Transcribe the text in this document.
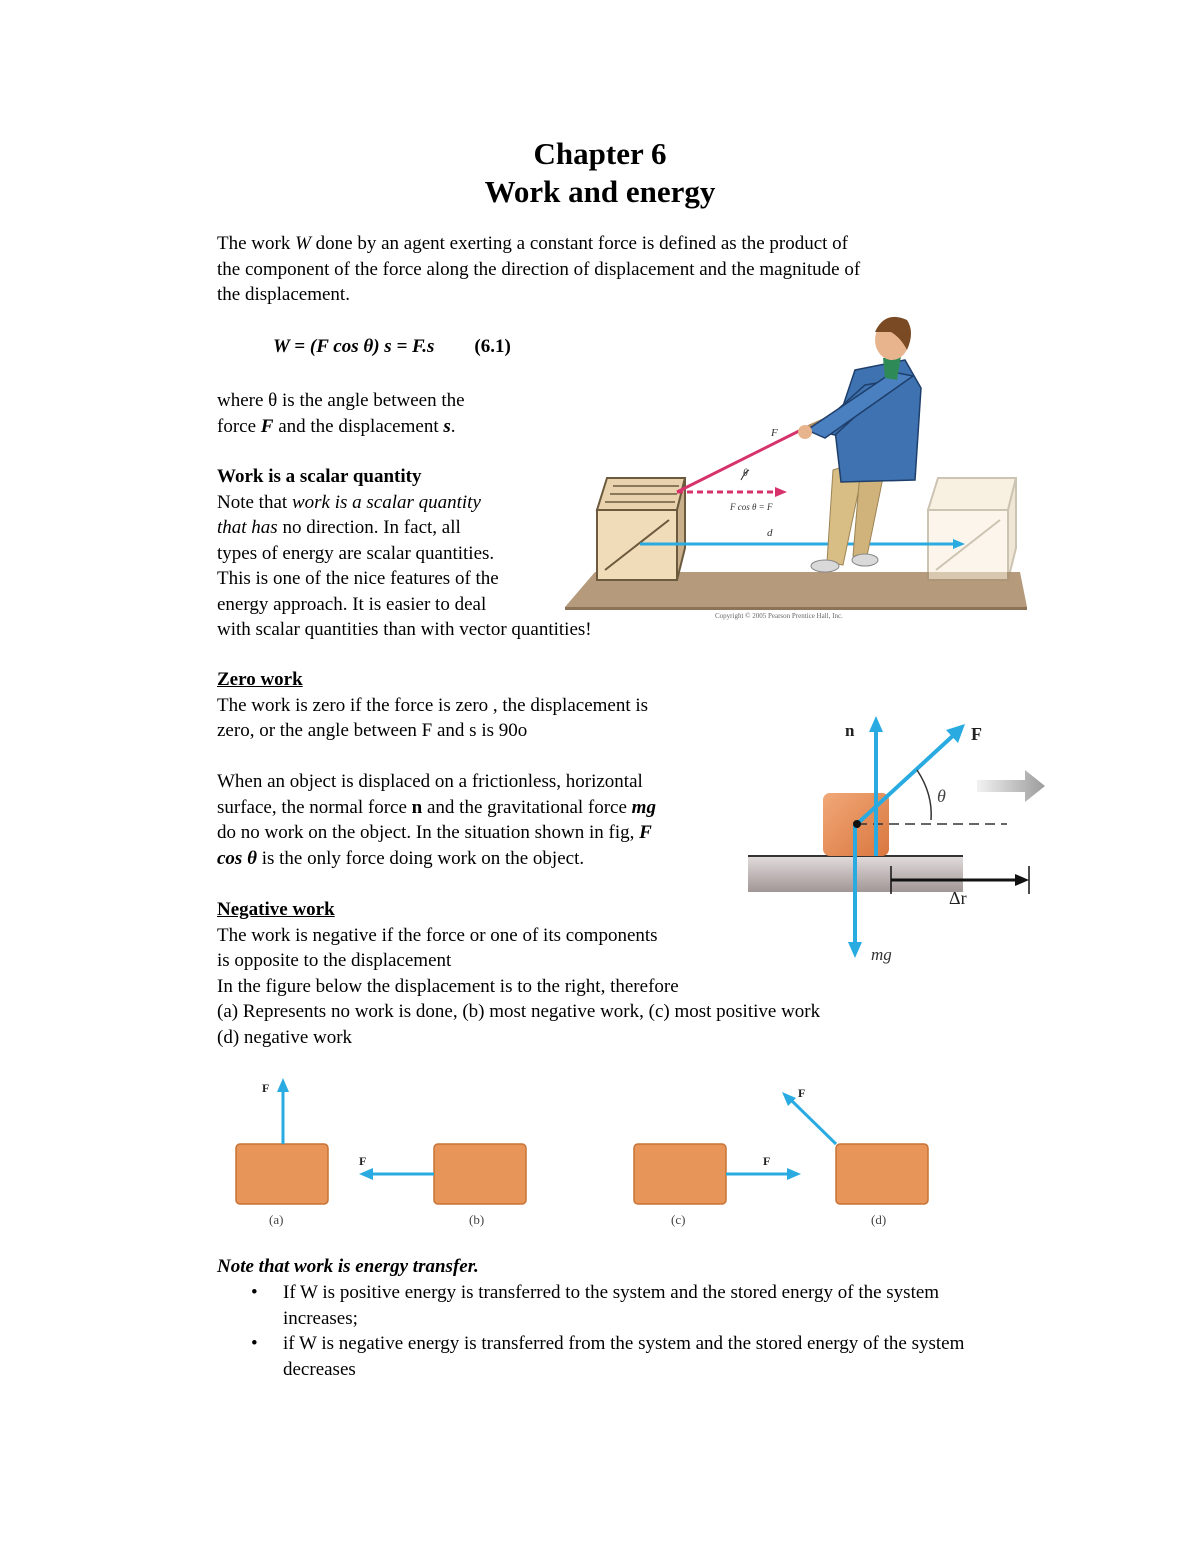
Chapter 6
Work and energy
The work W done by an agent exerting a constant force is defined as the product of
the component of the force along the direction of displacement and the magnitude of
the displacement.
W = (F cos θ) s = F.s (6.1)
where θ is the angle between the
force F and the displacement s.
Work is a scalar quantity
Note that work is a scalar quantity
that has no direction. In fact, all
types of energy are scalar quantities.
This is one of the nice features of the
energy approach. It is easier to deal
with scalar quantities than with vector quantities!
Zero work
The work is zero if the force is zero , the displacement is
zero, or the angle between F and s is 90o
When an object is displaced on a frictionless, horizontal
surface, the normal force n and the gravitational force mg
do no work on the object. In the situation shown in fig, F
cos θ is the only force doing work on the object.
Negative work
The work is negative if the force or one of its components
is opposite to the displacement
In the figure below the displacement is to the right, therefore
(a) Represents no work is done, (b) most negative work, (c) most positive work
(d) negative work
d
F cos θ = F
F
θ
Copyright © 2005 Pearson Prentice Hall, Inc.
n	F
θ
mg
Δr
F
(a)
F
(b)
F
(c)
F
(d)
Note that work is energy transfer.
• If W is positive energy is transferred to the system and the stored energy of the system increases;
• if W is negative energy is transferred from the system and the stored energy of the system decreases
